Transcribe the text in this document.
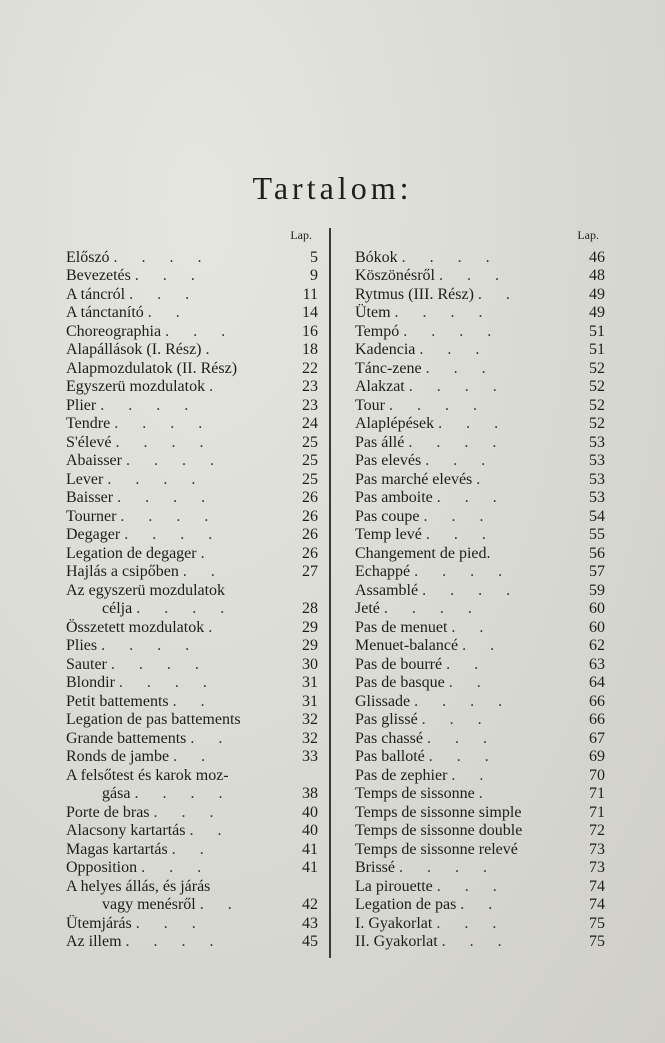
Tartalom:
Lap.
Előszó . . . .	5
Bevezetés . . .	9
A táncról . . .	11
A tánctanító . .	14
Choreographia . . .	16
Alapállások (I. Rész) .	18
Alapmozdulatok (II. Rész)	22
Egyszerü mozdulatok .	23
Plier . . . .	23
Tendre . . . .	24
S'élevé . . . .	25
Abaisser . . . .	25
Lever . . . .	25
Baisser . . . .	26
Tourner . . . .	26
Degager . . . .	26
Legation de degager .	26
Hajlás a csipőben . .	27
Az egyszerü mozdulatok
célja . . . .	28
Összetett mozdulatok .	29
Plies . . . .	29
Sauter . . . .	30
Blondir . . . .	31
Petit battements . .	31
Legation de pas battements	32
Grande battements . .	32
Ronds de jambe . .	33
A felsőtest és karok moz-
gása . . . .	38
Porte de bras . . .	40
Alacsony kartartás . .	40
Magas kartartás . .	41
Opposition . . .	41
A helyes állás, és járás
vagy menésről . .	42
Ütemjárás . . .	43
Az illem . . . .	45
Lap.
Bókok . . . .	46
Köszönésről . . .	48
Rytmus (III. Rész) . .	49
Ütem . . . .	49
Tempó . . . .	51
Kadencia . . .	51
Tánc-zene . . .	52
Alakzat . . . .	52
Tour . . . .	52
Alaplépések . . .	52
Pas állé . . . .	53
Pas elevés . . .	53
Pas marché elevés .	53
Pas amboite . . .	53
Pas coupe . . .	54
Temp levé . . .	55
Changement de pied.	56
Echappé . . . .	57
Assamblé . . . .	59
Jeté . . . .	60
Pas de menuet . .	60
Menuet-balancé . .	62
Pas de bourré . .	63
Pas de basque . .	64
Glissade . . . .	66
Pas glissé . . .	66
Pas chassé . . .	67
Pas balloté . . .	69
Pas de zephier . .	70
Temps de sissonne .	71
Temps de sissonne simple	71
Temps de sissonne double	72
Temps de sissonne relevé	73
Brissé . . . .	73
La pirouette . . .	74
Legation de pas . .	74
I. Gyakorlat . . .	75
II. Gyakorlat . . .	75
